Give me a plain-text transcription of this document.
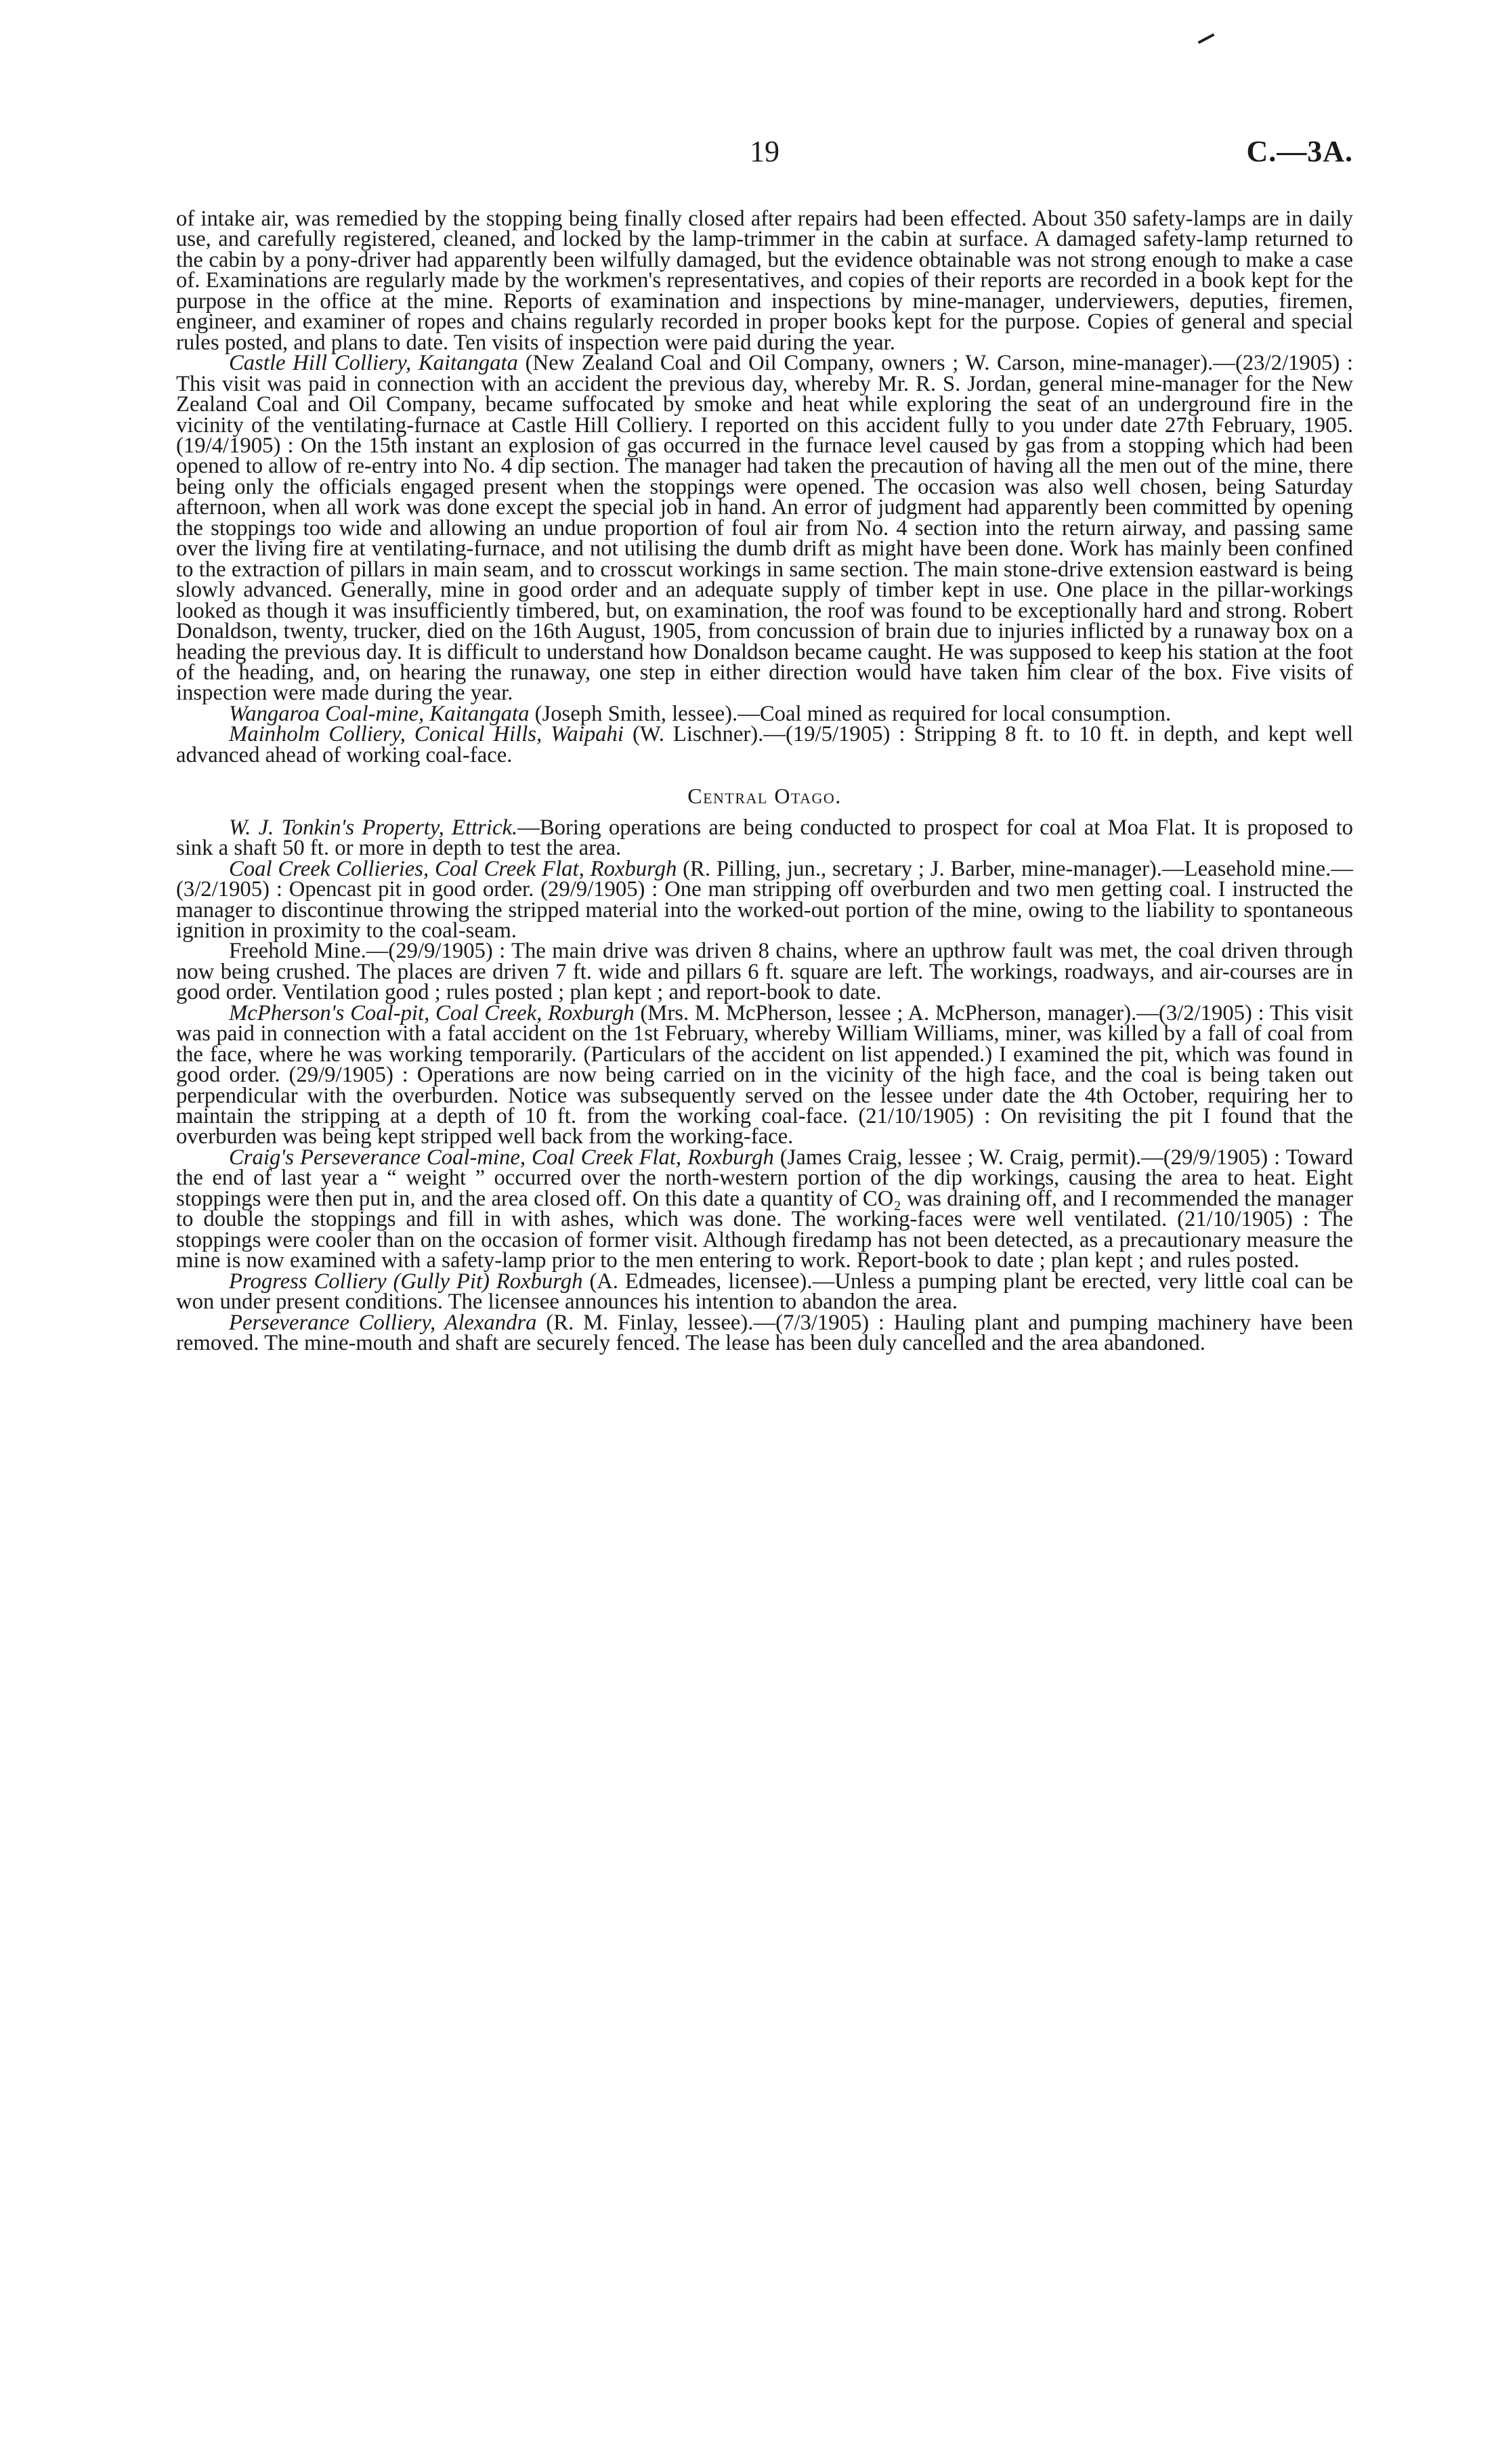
19	C.—3A.

of intake air, was remedied by the stopping being finally closed after repairs had been effected. About 350 safety-lamps are in daily use, and carefully registered, cleaned, and locked by the lamp-trimmer in the cabin at surface. A damaged safety-lamp returned to the cabin by a pony-driver had apparently been wilfully damaged, but the evidence obtainable was not strong enough to make a case of. Examinations are regularly made by the workmen's representatives, and copies of their reports are recorded in a book kept for the purpose in the office at the mine. Reports of examination and inspections by mine-manager, underviewers, deputies, firemen, engineer, and examiner of ropes and chains regularly recorded in proper books kept for the purpose. Copies of general and special rules posted, and plans to date. Ten visits of inspection were paid during the year.

Castle Hill Colliery, Kaitangata (New Zealand Coal and Oil Company, owners ; W. Carson, mine-manager).—(23/2/1905) : This visit was paid in connection with an accident the previous day, whereby Mr. R. S. Jordan, general mine-manager for the New Zealand Coal and Oil Company, became suffocated by smoke and heat while exploring the seat of an underground fire in the vicinity of the ventilating-furnace at Castle Hill Colliery. I reported on this accident fully to you under date 27th February, 1905. (19/4/1905) : On the 15th instant an explosion of gas occurred in the furnace level caused by gas from a stopping which had been opened to allow of re-entry into No. 4 dip section. The manager had taken the precaution of having all the men out of the mine, there being only the officials engaged present when the stoppings were opened. The occasion was also well chosen, being Saturday afternoon, when all work was done except the special job in hand. An error of judgment had apparently been committed by opening the stoppings too wide and allowing an undue proportion of foul air from No. 4 section into the return airway, and passing same over the living fire at ventilating-furnace, and not utilising the dumb drift as might have been done. Work has mainly been confined to the extraction of pillars in main seam, and to crosscut workings in same section. The main stone-drive extension eastward is being slowly advanced. Generally, mine in good order and an adequate supply of timber kept in use. One place in the pillar-workings looked as though it was insufficiently timbered, but, on examination, the roof was found to be exceptionally hard and strong. Robert Donaldson, twenty, trucker, died on the 16th August, 1905, from concussion of brain due to injuries inflicted by a runaway box on a heading the previous day. It is difficult to understand how Donaldson became caught. He was supposed to keep his station at the foot of the heading, and, on hearing the runaway, one step in either direction would have taken him clear of the box. Five visits of inspection were made during the year.

Wangaroa Coal-mine, Kaitangata (Joseph Smith, lessee).—Coal mined as required for local consumption.

Mainholm Colliery, Conical Hills, Waipahi (W. Lischner).—(19/5/1905) : Stripping 8 ft. to 10 ft. in depth, and kept well advanced ahead of working coal-face.

Central Otago.

W. J. Tonkin's Property, Ettrick.—Boring operations are being conducted to prospect for coal at Moa Flat. It is proposed to sink a shaft 50 ft. or more in depth to test the area.

Coal Creek Collieries, Coal Creek Flat, Roxburgh (R. Pilling, jun., secretary ; J. Barber, mine-manager).—Leasehold mine.—(3/2/1905) : Opencast pit in good order. (29/9/1905) : One man stripping off overburden and two men getting coal. I instructed the manager to discontinue throwing the stripped material into the worked-out portion of the mine, owing to the liability to spontaneous ignition in proximity to the coal-seam.

Freehold Mine.—(29/9/1905) : The main drive was driven 8 chains, where an upthrow fault was met, the coal driven through now being crushed. The places are driven 7 ft. wide and pillars 6 ft. square are left. The workings, roadways, and air-courses are in good order. Ventilation good ; rules posted ; plan kept ; and report-book to date.

McPherson's Coal-pit, Coal Creek, Roxburgh (Mrs. M. McPherson, lessee ; A. McPherson, manager).—(3/2/1905) : This visit was paid in connection with a fatal accident on the 1st February, whereby William Williams, miner, was killed by a fall of coal from the face, where he was working temporarily. (Particulars of the accident on list appended.) I examined the pit, which was found in good order. (29/9/1905) : Operations are now being carried on in the vicinity of the high face, and the coal is being taken out perpendicular with the overburden. Notice was subsequently served on the lessee under date the 4th October, requiring her to maintain the stripping at a depth of 10 ft. from the working coal-face. (21/10/1905) : On revisiting the pit I found that the overburden was being kept stripped well back from the working-face.

Craig's Perseverance Coal-mine, Coal Creek Flat, Roxburgh (James Craig, lessee ; W. Craig, permit).—(29/9/1905) : Toward the end of last year a “ weight ” occurred over the north-western portion of the dip workings, causing the area to heat. Eight stoppings were then put in, and the area closed off. On this date a quantity of CO₂ was draining off, and I recommended the manager to double the stoppings and fill in with ashes, which was done. The working-faces were well ventilated. (21/10/1905) : The stoppings were cooler than on the occasion of former visit. Although firedamp has not been detected, as a precautionary measure the mine is now examined with a safety-lamp prior to the men entering to work. Report-book to date ; plan kept ; and rules posted.

Progress Colliery (Gully Pit) Roxburgh (A. Edmeades, licensee).—Unless a pumping plant be erected, very little coal can be won under present conditions. The licensee announces his intention to abandon the area.

Perseverance Colliery, Alexandra (R. M. Finlay, lessee).—(7/3/1905) : Hauling plant and pumping machinery have been removed. The mine-mouth and shaft are securely fenced. The lease has been duly cancelled and the area abandoned.
